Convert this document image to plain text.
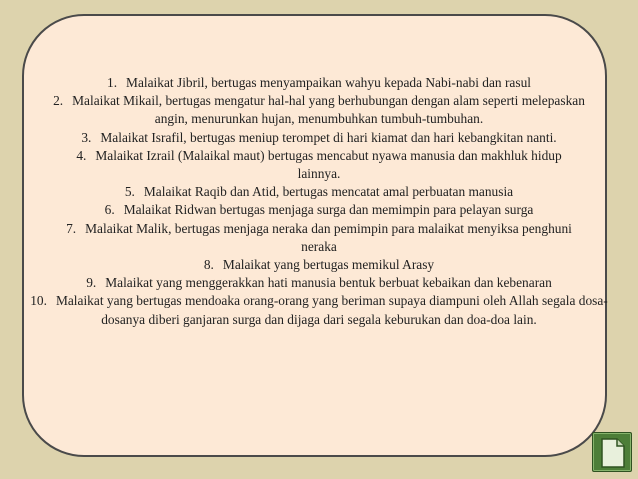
1. Malaikat Jibril, bertugas menyampaikan wahyu kepada Nabi-nabi dan rasul
2. Malaikat Mikail, bertugas mengatur hal-hal yang berhubungan dengan alam seperti melepaskan angin, menurunkan hujan, menumbuhkan tumbuh-tumbuhan.
3. Malaikat Israfil, bertugas meniup terompet di hari kiamat dan hari kebangkitan nanti.
4. Malaikat Izrail (Malaikal maut) bertugas mencabut nyawa manusia dan makhluk hidup lainnya.
5. Malaikat Raqib dan Atid, bertugas mencatat amal perbuatan manusia
6. Malaikat Ridwan bertugas menjaga surga dan memimpin para pelayan surga
7. Malaikat Malik, bertugas menjaga neraka dan pemimpin para malaikat menyiksa penghuni neraka
8. Malaikat yang bertugas memikul Arasy
9. Malaikat yang menggerakkan hati manusia bentuk berbuat kebaikan dan kebenaran
10. Malaikat yang bertugas mendoaka orang-orang yang beriman supaya diampuni oleh Allah segala dosa-dosanya diberi ganjaran surga dan dijaga dari segala keburukan dan doa-doa lain.
